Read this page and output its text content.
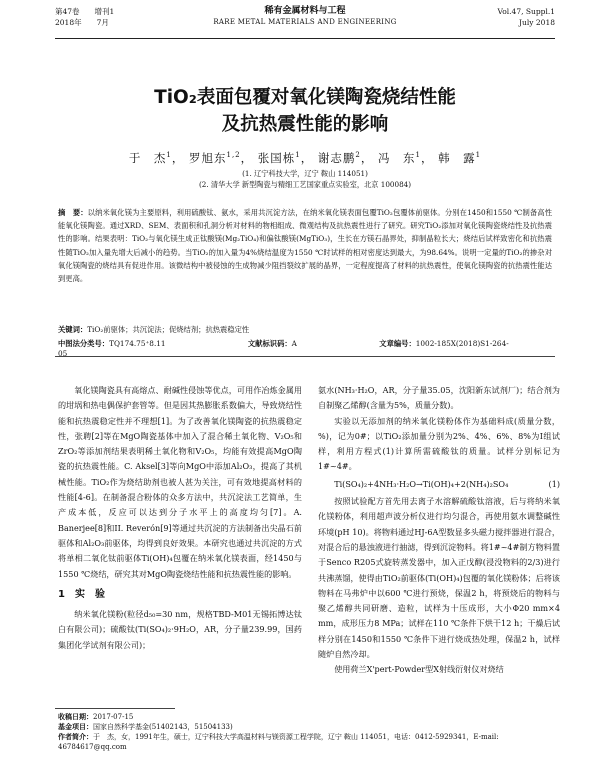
第47卷　　增刊1
2018年　　7月
稀有金属材料与工程
RARE METAL MATERIALS AND ENGINEERING
Vol.47, Suppl.1
July 2018
TiO₂表面包覆对氧化镁陶瓷烧结性能
及抗热震性能的影响
于　杰$^1$， 罗旭东$^{1,2}$， 张国栋$^1$， 谢志鹏$^2$， 冯　东$^1$， 韩　露$^1$
(1. 辽宁科技大学，辽宁 鞍山 114051)
(2. 清华大学 新型陶瓷与精细工艺国家重点实验室，北京 100084)
摘　要：以纳米氧化镁为主要原料，利用硫酸钛、氨水，采用共沉淀方法，在纳米氧化镁表面包覆TiO₂包覆体前驱体。分别在1450和1550 ℃制备高性能氧化镁陶瓷。通过XRD、SEM、表面积和孔洞分析对材料的物相组成、微观结构及抗热震性进行了研究。研究TiO₂添加对氧化镁陶瓷烧结性及抗热震性的影响。结果表明：TiO₂与氧化镁生成正钛酸镁(Mg₂TiO₄)和偏钛酸镁(MgTiO₃)，生长在方镁石晶界处，抑制晶粒长大；烧结后试样致密化和抗热震性随TiO₂加入量先增大后减小的趋势。当TiO₂的加入量为4%烧结温度为1550 ℃时试样的相对密度达到最大，为98.64%。说明一定量的TiO₂的掺杂对氧化镁陶瓷的烧结具有促进作用。该微结构中被侵蚀的生成物减少阻挡裂纹扩展的晶界，一定程度提高了材料的抗热震性，使氧化镁陶瓷的抗热震性能达到更高。
关键词：TiO₂前驱体；共沉淀法；促烧结剂；抗热震稳定性
中图法分类号：TQ174.75⁺8.11	文献标识码：A	文章编号：1002-185X(2018)S1-264-05

氧化镁陶瓷具有高熔点、耐碱性侵蚀等优点，可用作冶炼金属用的坩埚和热电偶保护套管等。但是因其热膨胀系数偏大，导致烧结性能和抗热震稳定性并不理想[1]。为了改善氧化镁陶瓷的抗热震稳定性，张聘[2]等在MgO陶瓷基体中加入了混合稀土氧化物、V₂O₅和ZrO₂等添加剂结果表明稀土氧化物和V₂O₅，均能有效提高MgO陶瓷的抗热震性能。C. Aksel[3]等向MgO中添加Al₂O₃，提高了其机械性能。TiO₂作为烧结助剂也被人甚为关注，可有效地提高材料的性能[4-6]。在制备混合粉体的众多方法中，共沉淀法工艺简单，生产成本低，反应可以达到分子水平上的高度均匀[7]。A. Banerjee[8]和II. Reverón[9]等通过共沉淀的方法制备出尖晶石前驱体和Al₂O₃前驱体，均得到良好效果。本研究也通过共沉淀的方式将单相二氧化钛前驱体Ti(OH)₄包覆在纳米氧化镁表面，经1450与1550 ℃烧结，研究其对MgO陶瓷烧结性能和抗热震性能的影响。

1　实　验

纳米氧化镁粉(粒径d₅₀=30 nm，规格TBD-M01无锡拓博达钛白有限公司)；硫酸钛(Ti(SO₄)₂·9H₂O，AR，分子量239.99，国药集团化学试剂有限公司)；

氨水(NH₃·H₂O，AR，分子量35.05，沈阳新东试剂厂)；结合剂为自制聚乙烯醇(含量为5%，质量分数)。

实验以无添加剂的纳米氧化镁粉体作为基础料成(质量分数，%)，记为0#；以TiO₂添加量分别为2%、4%、6%、8%为I组试样，利用方程式(1)计算所需硫酸钛的质量。试样分别标记为1#~4#。

Ti(SO₄)₂+4NH₃·H₂O→Ti(OH)₄+2(NH₄)₂SO₄	(1)

按照试验配方首先用去离子水溶解硫酸钛溶液，后与将纳米氧化镁粉体，利用超声波分析仪进行均匀混合，再使用氨水调整碱性环境(pH 10)。将物料通过HJ-6A型数显多头磁力搅拌器进行混合，对混合后的悬浊液进行抽滤，得到沉淀物料。将1#~4#制方物料置于Senco R205式旋转蒸发器中，加入正戊醇(浸没物料的2/3)进行共沸蒸馏，使得由TiO₂前驱体(Ti(OH)₄)包覆的氧化镁粉体；后将该物料在马弗炉中以600 ℃进行预烧，保温2 h，将预烧后的物料与聚乙烯醇共同研磨、造粒，试样为十压成形，大小Φ20 mm×4 mm，成形压力8 MPa；试样在110 ℃条件下烘干12 h；干燥后试样分别在1450和1550 ℃条件下进行烧成热处理，保温2 h，试样随炉自然冷却。

使用荷兰X'pert-Powder型X射线衍射仪对烧结

收稿日期：2017-07-15
基金项目：国家自然科学基金(51402143，51504133)
作者简介：于　杰，女，1991年生，硕士，辽宁科技大学高温材料与镁资源工程学院，辽宁 鞍山 114051，电话：0412-5929341，E-mail: 46784617@qq.com
